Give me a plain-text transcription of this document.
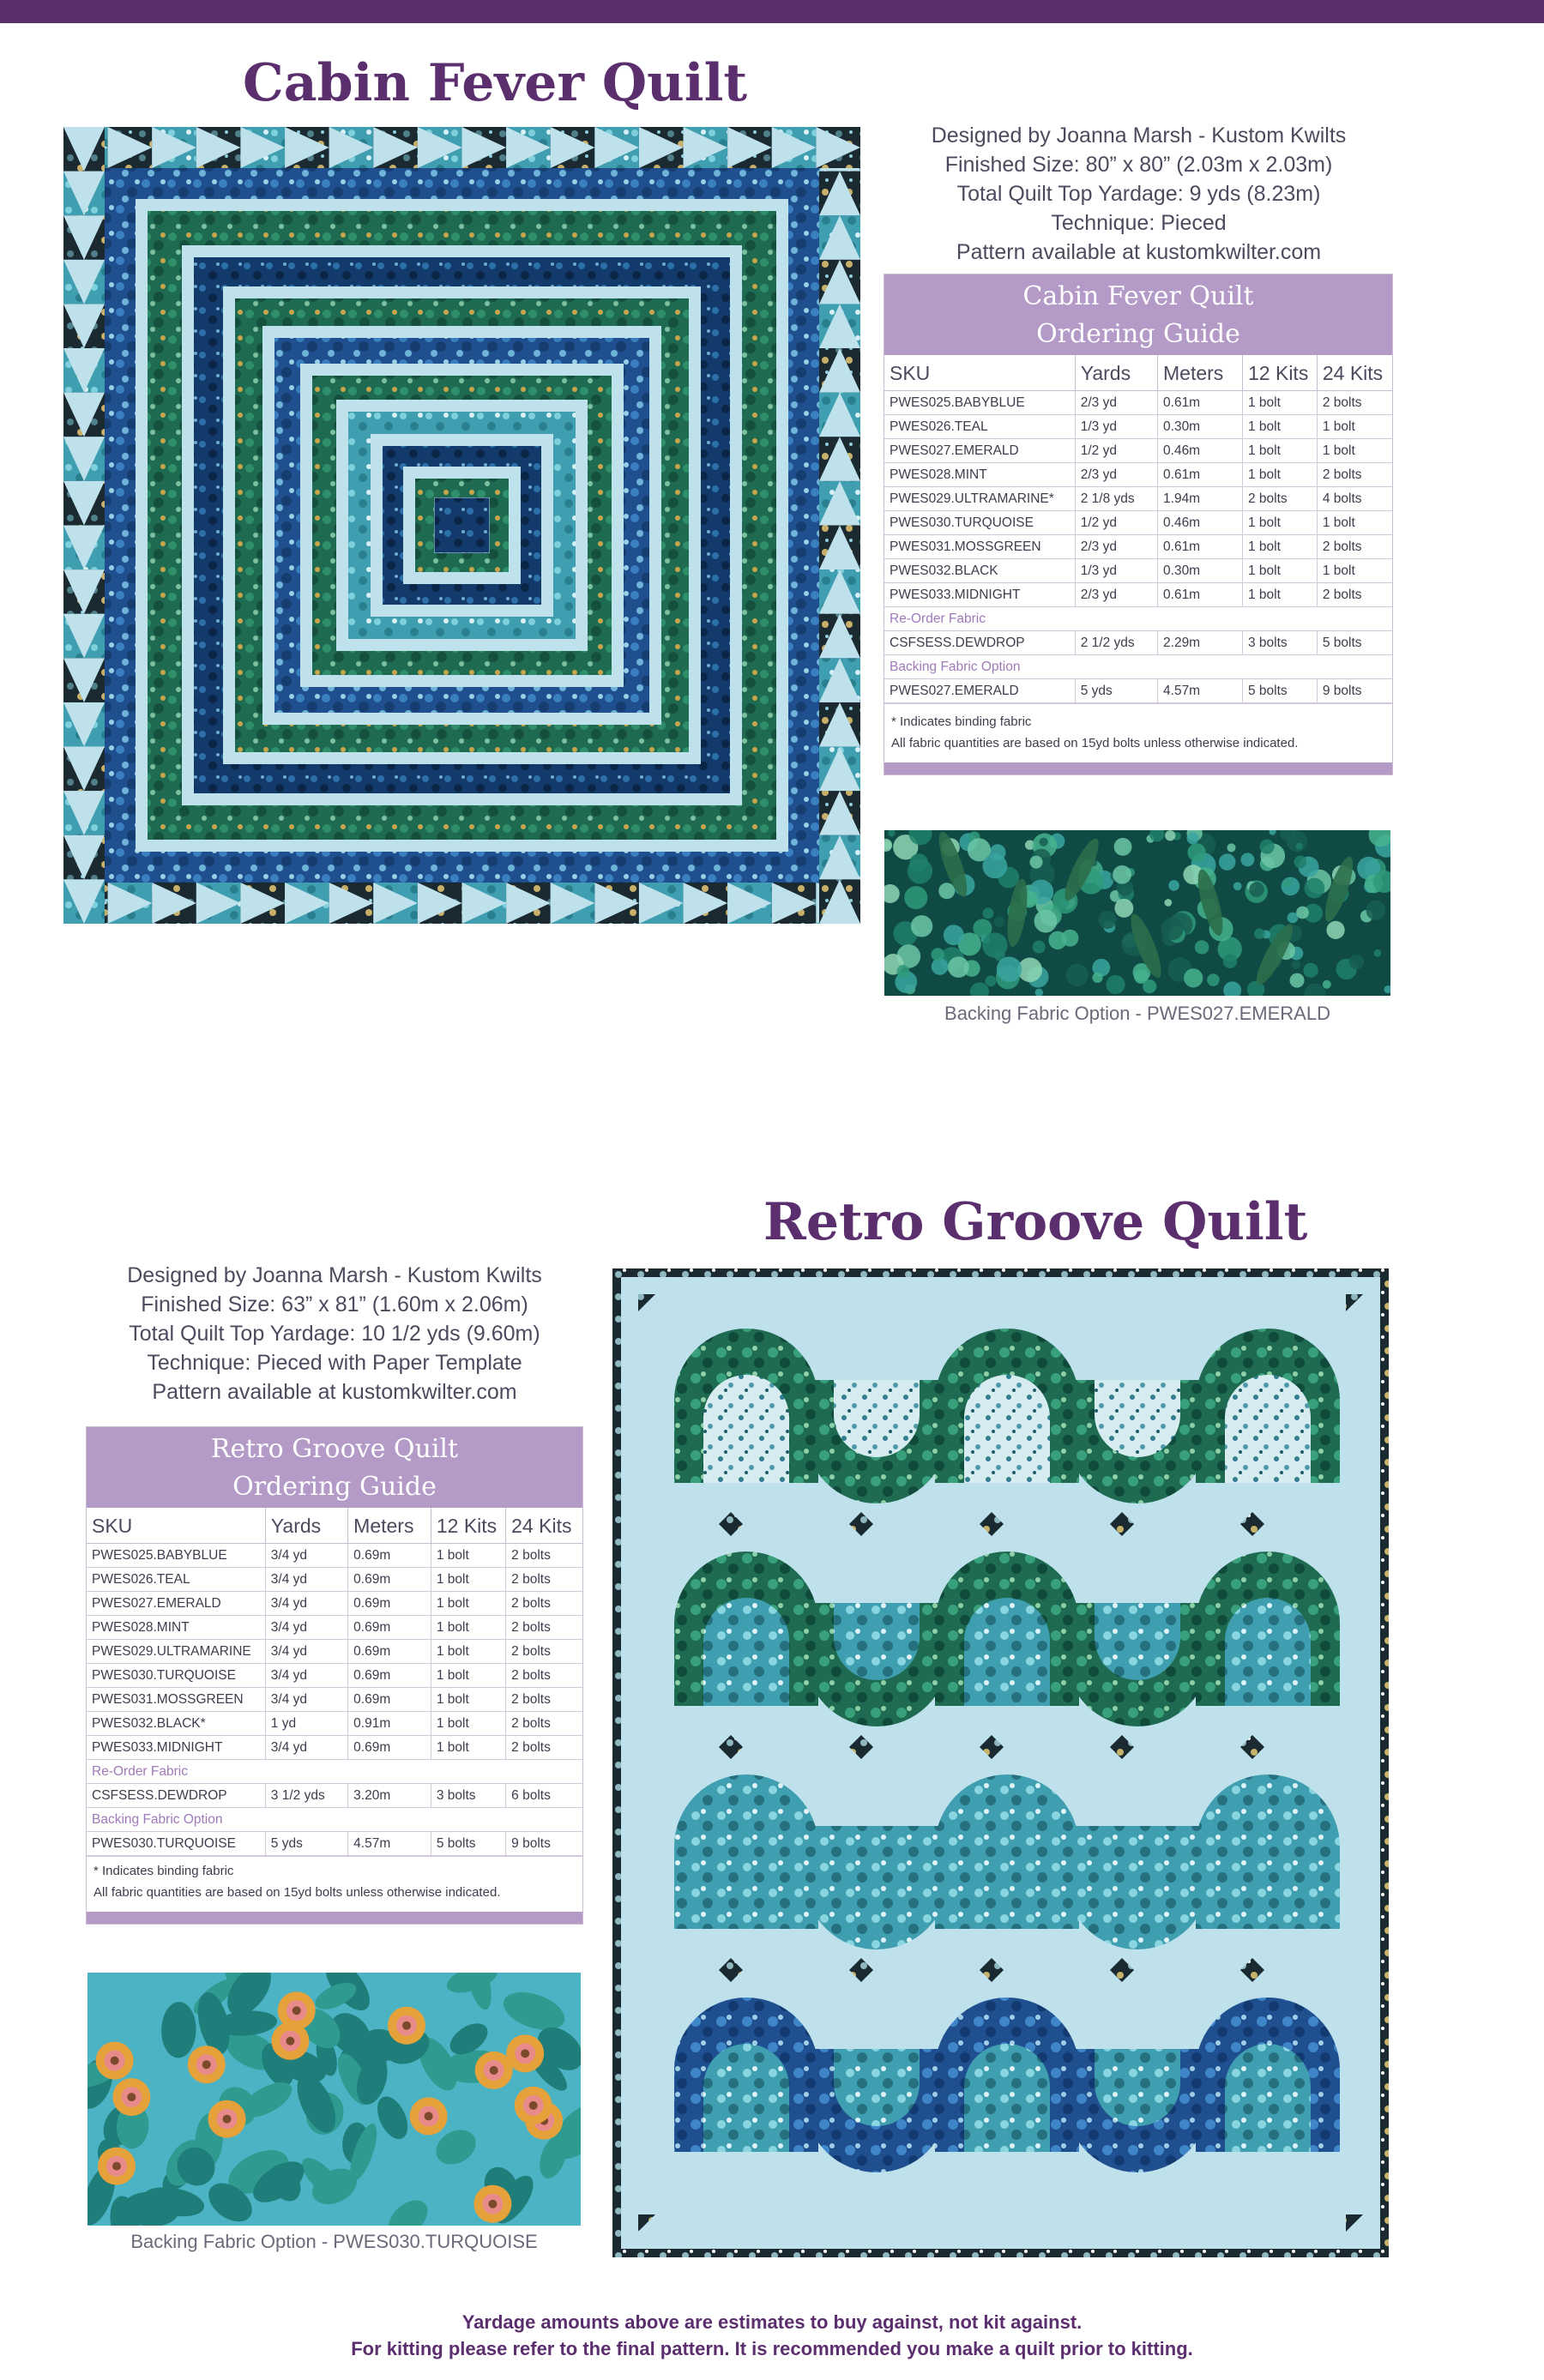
Cabin Fever Quilt
Designed by Joanna Marsh - Kustom Kwilts
Finished Size: 80” x 80” (2.03m x 2.03m)
Total Quilt Top Yardage: 9 yds (8.23m)
Technique: Pieced
Pattern available at kustomkwilter.com
Cabin Fever Quilt
Ordering Guide
SKU	Yards	Meters	12 Kits	24 Kits
PWES025.BABYBLUE	2/3 yd	0.61m	1 bolt	2 bolts
PWES026.TEAL	1/3 yd	0.30m	1 bolt	1 bolt
PWES027.EMERALD	1/2 yd	0.46m	1 bolt	1 bolt
PWES028.MINT	2/3 yd	0.61m	1 bolt	2 bolts
PWES029.ULTRAMARINE*	2 1/8 yds	1.94m	2 bolts	4 bolts
PWES030.TURQUOISE	1/2 yd	0.46m	1 bolt	1 bolt
PWES031.MOSSGREEN	2/3 yd	0.61m	1 bolt	2 bolts
PWES032.BLACK	1/3 yd	0.30m	1 bolt	1 bolt
PWES033.MIDNIGHT	2/3 yd	0.61m	1 bolt	2 bolts
Re-Order Fabric				
CSFSESS.DEWDROP	2 1/2 yds	2.29m	3 bolts	5 bolts
Backing Fabric Option				
PWES027.EMERALD	5 yds	4.57m	5 bolts	9 bolts
* Indicates binding fabric
All fabric quantities are based on 15yd bolts unless otherwise indicated.
Backing Fabric Option - PWES027.EMERALD
Retro Groove Quilt
Designed by Joanna Marsh - Kustom Kwilts
Finished Size: 63” x 81” (1.60m x 2.06m)
Total Quilt Top Yardage: 10 1/2 yds (9.60m)
Technique: Pieced with Paper Template
Pattern available at kustomkwilter.com
Retro Groove Quilt
Ordering Guide
SKU	Yards	Meters	12 Kits	24 Kits
PWES025.BABYBLUE	3/4 yd	0.69m	1 bolt	2 bolts
PWES026.TEAL	3/4 yd	0.69m	1 bolt	2 bolts
PWES027.EMERALD	3/4 yd	0.69m	1 bolt	2 bolts
PWES028.MINT	3/4 yd	0.69m	1 bolt	2 bolts
PWES029.ULTRAMARINE	3/4 yd	0.69m	1 bolt	2 bolts
PWES030.TURQUOISE	3/4 yd	0.69m	1 bolt	2 bolts
PWES031.MOSSGREEN	3/4 yd	0.69m	1 bolt	2 bolts
PWES032.BLACK*	1 yd	0.91m	1 bolt	2 bolts
PWES033.MIDNIGHT	3/4 yd	0.69m	1 bolt	2 bolts
Re-Order Fabric				
CSFSESS.DEWDROP	3 1/2 yds	3.20m	3 bolts	6 bolts
Backing Fabric Option				
PWES030.TURQUOISE	5 yds	4.57m	5 bolts	9 bolts
* Indicates binding fabric
All fabric quantities are based on 15yd bolts unless otherwise indicated.
Backing Fabric Option - PWES030.TURQUOISE
Yardage amounts above are estimates to buy against, not kit against.
For kitting please refer to the final pattern. It is recommended you make a quilt prior to kitting.
